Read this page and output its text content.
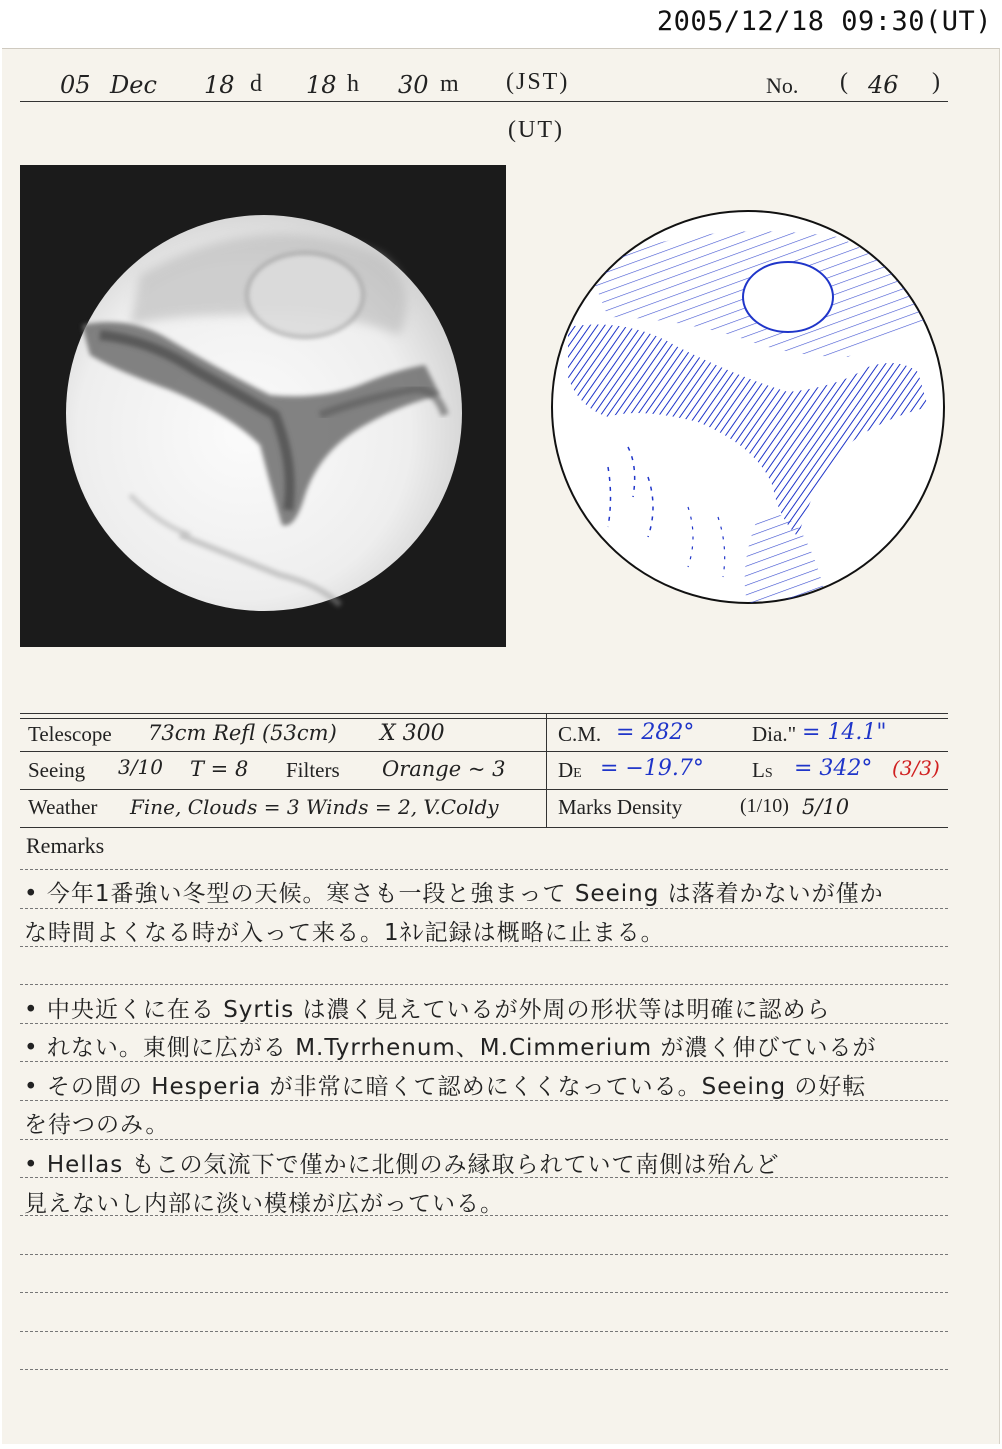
2005/12/18 09:30(UT)
05 Dec 18 d 18 h 30 m (JST)	No. ( 46 )
(UT)
Telescope 73cm Refl (53cm) X 300	C.M. = 282°	Dia." = 14.1"
Seeing 3/10 T = 8 Filters Orange ~ 3	DE = −19.7° LS = 342° (3/3)
Weather Fine, Clouds = 3 Winds = 2, V.Coldy	Marks Density	(1/10) 5/10
Remarks
• 今年1番強い冬型の天候。寒さも一段と強まって Seeing は落着かないが僅か
な時間よくなる時が入って来る。1ﾈﾚ記録は概略に止まる。
• 中央近くに在る Syrtis は濃く見えているが外周の形状等は明確に認めら
• れない。東側に広がる M.Tyrrhenum、M.Cimmerium が濃く伸びているが
• その間の Hesperia が非常に暗くて認めにくくなっている。Seeing の好転
を待つのみ。
• Hellas もこの気流下で僅かに北側のみ縁取られていて南側は殆んど
見えないし内部に淡い模様が広がっている。
